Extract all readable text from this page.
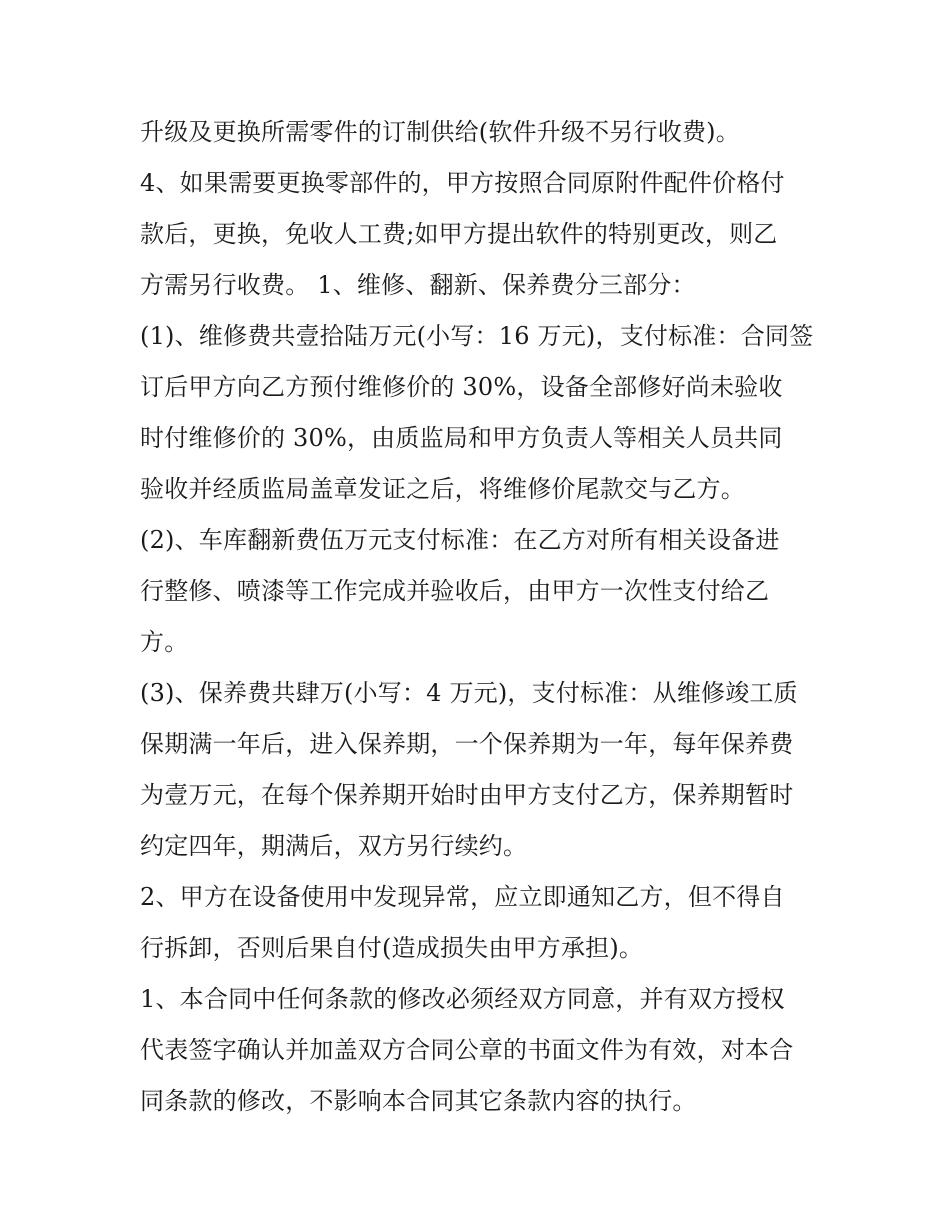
升级及更换所需零件的订制供给(软件升级不另行收费)。
4、如果需要更换零部件的，甲方按照合同原附件配件价格付
款后，更换，免收人工费;如甲方提出软件的特别更改，则乙
方需另行收费。 1、维修、翻新、保养费分三部分：
(1)、维修费共壹拾陆万元(小写：16 万元)，支付标准：合同签
订后甲方向乙方预付维修价的 30%，设备全部修好尚未验收
时付维修价的 30%，由质监局和甲方负责人等相关人员共同
验收并经质监局盖章发证之后，将维修价尾款交与乙方。
(2)、车库翻新费伍万元支付标准：在乙方对所有相关设备进
行整修、喷漆等工作完成并验收后，由甲方一次性支付给乙
方。
(3)、保养费共肆万(小写：4 万元)，支付标准：从维修竣工质
保期满一年后，进入保养期，一个保养期为一年，每年保养费
为壹万元，在每个保养期开始时由甲方支付乙方，保养期暂时
约定四年，期满后，双方另行续约。
2、甲方在设备使用中发现异常，应立即通知乙方，但不得自
行拆卸，否则后果自付(造成损失由甲方承担)。
1、本合同中任何条款的修改必须经双方同意，并有双方授权
代表签字确认并加盖双方合同公章的书面文件为有效，对本合
同条款的修改，不影响本合同其它条款内容的执行。
